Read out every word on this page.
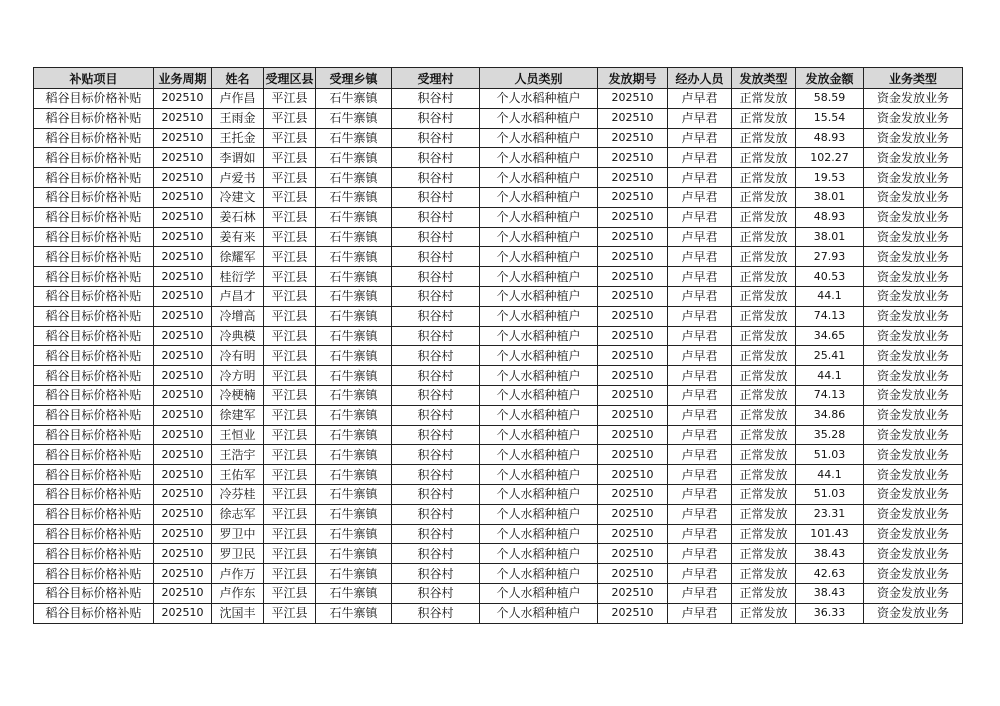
补贴项目	业务周期	姓名	受理区县	受理乡镇	受理村	人员类别	发放期号	经办人员	发放类型	发放金额	业务类型
稻谷目标价格补贴	202510	卢作昌	平江县	石牛寨镇	积谷村	个人水稻种植户	202510	卢早君	正常发放	58.59	资金发放业务
稻谷目标价格补贴	202510	王雨金	平江县	石牛寨镇	积谷村	个人水稻种植户	202510	卢早君	正常发放	15.54	资金发放业务
稻谷目标价格补贴	202510	王托金	平江县	石牛寨镇	积谷村	个人水稻种植户	202510	卢早君	正常发放	48.93	资金发放业务
稻谷目标价格补贴	202510	李谓如	平江县	石牛寨镇	积谷村	个人水稻种植户	202510	卢早君	正常发放	102.27	资金发放业务
稻谷目标价格补贴	202510	卢爱书	平江县	石牛寨镇	积谷村	个人水稻种植户	202510	卢早君	正常发放	19.53	资金发放业务
稻谷目标价格补贴	202510	冷建文	平江县	石牛寨镇	积谷村	个人水稻种植户	202510	卢早君	正常发放	38.01	资金发放业务
稻谷目标价格补贴	202510	姜石林	平江县	石牛寨镇	积谷村	个人水稻种植户	202510	卢早君	正常发放	48.93	资金发放业务
稻谷目标价格补贴	202510	姜有来	平江县	石牛寨镇	积谷村	个人水稻种植户	202510	卢早君	正常发放	38.01	资金发放业务
稻谷目标价格补贴	202510	徐耀军	平江县	石牛寨镇	积谷村	个人水稻种植户	202510	卢早君	正常发放	27.93	资金发放业务
稻谷目标价格补贴	202510	桂衍学	平江县	石牛寨镇	积谷村	个人水稻种植户	202510	卢早君	正常发放	40.53	资金发放业务
稻谷目标价格补贴	202510	卢昌才	平江县	石牛寨镇	积谷村	个人水稻种植户	202510	卢早君	正常发放	44.1	资金发放业务
稻谷目标价格补贴	202510	冷增高	平江县	石牛寨镇	积谷村	个人水稻种植户	202510	卢早君	正常发放	74.13	资金发放业务
稻谷目标价格补贴	202510	冷典模	平江县	石牛寨镇	积谷村	个人水稻种植户	202510	卢早君	正常发放	34.65	资金发放业务
稻谷目标价格补贴	202510	冷有明	平江县	石牛寨镇	积谷村	个人水稻种植户	202510	卢早君	正常发放	25.41	资金发放业务
稻谷目标价格补贴	202510	冷方明	平江县	石牛寨镇	积谷村	个人水稻种植户	202510	卢早君	正常发放	44.1	资金发放业务
稻谷目标价格补贴	202510	冷梗楠	平江县	石牛寨镇	积谷村	个人水稻种植户	202510	卢早君	正常发放	74.13	资金发放业务
稻谷目标价格补贴	202510	徐建军	平江县	石牛寨镇	积谷村	个人水稻种植户	202510	卢早君	正常发放	34.86	资金发放业务
稻谷目标价格补贴	202510	王恒业	平江县	石牛寨镇	积谷村	个人水稻种植户	202510	卢早君	正常发放	35.28	资金发放业务
稻谷目标价格补贴	202510	王浩宇	平江县	石牛寨镇	积谷村	个人水稻种植户	202510	卢早君	正常发放	51.03	资金发放业务
稻谷目标价格补贴	202510	王佑军	平江县	石牛寨镇	积谷村	个人水稻种植户	202510	卢早君	正常发放	44.1	资金发放业务
稻谷目标价格补贴	202510	冷芬桂	平江县	石牛寨镇	积谷村	个人水稻种植户	202510	卢早君	正常发放	51.03	资金发放业务
稻谷目标价格补贴	202510	徐志军	平江县	石牛寨镇	积谷村	个人水稻种植户	202510	卢早君	正常发放	23.31	资金发放业务
稻谷目标价格补贴	202510	罗卫中	平江县	石牛寨镇	积谷村	个人水稻种植户	202510	卢早君	正常发放	101.43	资金发放业务
稻谷目标价格补贴	202510	罗卫民	平江县	石牛寨镇	积谷村	个人水稻种植户	202510	卢早君	正常发放	38.43	资金发放业务
稻谷目标价格补贴	202510	卢作万	平江县	石牛寨镇	积谷村	个人水稻种植户	202510	卢早君	正常发放	42.63	资金发放业务
稻谷目标价格补贴	202510	卢作东	平江县	石牛寨镇	积谷村	个人水稻种植户	202510	卢早君	正常发放	38.43	资金发放业务
稻谷目标价格补贴	202510	沈国丰	平江县	石牛寨镇	积谷村	个人水稻种植户	202510	卢早君	正常发放	36.33	资金发放业务
